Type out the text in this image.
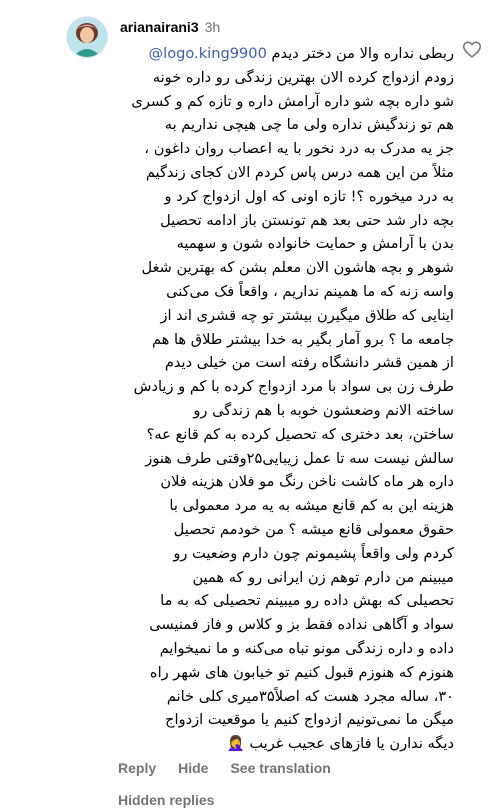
arianairani3 3h
ربطی نداره والا من دختر دیدم @logo.king9900
زودم ازدواج کرده الان بهترین زندگی رو داره خونه
شو داره بچه شو داره آرامش داره و تازه کم و کسری
هم تو زندگیش نداره ولی ما چی هیچی نداریم به
جز یه مدرک به درد نخور با یه اعصاب روان داغون ،
مثلاً من این همه درس پاس کردم الان کجای زندگیم
به درد میخوره ؟! تازه اونی که اول ازدواج کرد و
بچه دار شد حتی بعد هم تونستن باز ادامه تحصیل
بدن با آرامش و حمایت خانواده شون و سهمیه
شوهر و بچه هاشون الان معلم بشن که بهترین شغل
واسه زنه که ما همینم نداریم ، واقعاً فک می‌کنی
اینایی که طلاق میگیرن بیشتر تو چه قشری اند از
جامعه ما ؟ برو آمار بگیر به خدا بیشتر طلاق ها هم
از همین قشر دانشگاه رفته است من خیلی دیدم
طرف زن بی سواد با مرد ازدواج کرده با کم و زیادش
ساخته الانم وضعشون خوبه با هم زندگی رو
ساختن، بعد دختری که تحصیل کرده به کم قانع عه؟
سالش نیست سه تا عمل زیبایی۲۵وقتی طرف هنوز
داره هر ماه کاشت ناخن رنگ مو فلان هزینه فلان
هزینه این به کم قانع میشه به یه مرد معمولی با
حقوق معمولی قانع میشه ؟ من خودمم تحصیل
کردم ولی واقعاً پشیمونم چون دارم وضعیت رو
میبینم من دارم توهم زن ایرانی رو که همین
تحصیلی که بهش داده رو میبینم تحصیلی که به ما
سواد و آگاهی نداده فقط بز و کلاس و فاز فمنیسی
داده و داره زندگی مونو تباه می‌کنه و ما نمیخوایم
هنوزم که هنوزم قبول کنیم تو خیابون های شهر راه
۳۰، ساله مجرد هست که اصلاً۳۵میری کلی خانم
میگن ما نمی‌تونیم ازدواج کنیم یا موقعیت ازدواج
دیگه ندارن یا فازهای عجیب غریب 🤦‍♀️
Reply Hide See translation
Hidden replies
